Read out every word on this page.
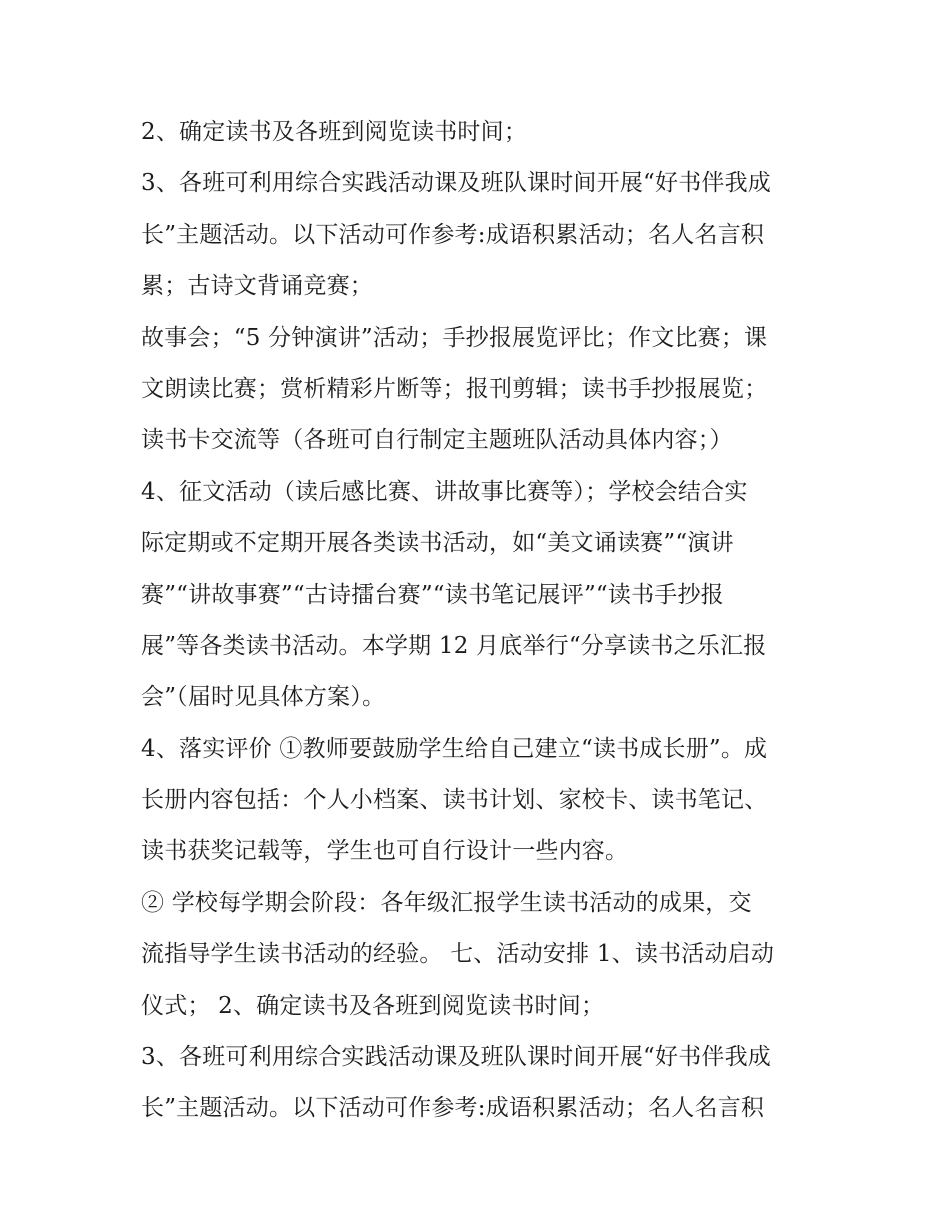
2、确定读书及各班到阅览读书时间；
3、各班可利用综合实践活动课及班队课时间开展“好书伴我成
长”主题活动。以下活动可作参考:成语积累活动；名人名言积
累；古诗文背诵竞赛；
故事会；“5 分钟演讲”活动；手抄报展览评比；作文比赛；课
文朗读比赛；赏析精彩片断等；报刊剪辑；读书手抄报展览；
读书卡交流等（各班可自行制定主题班队活动具体内容；）
4、征文活动（读后感比赛、讲故事比赛等）；学校会结合实
际定期或不定期开展各类读书活动，如“美文诵读赛”“演讲
赛”“讲故事赛”“古诗擂台赛”“读书笔记展评”“读书手抄报
展”等各类读书活动。本学期 12 月底举行“分享读书之乐汇报
会”（届时见具体方案）。
4、落实评价 ①教师要鼓励学生给自己建立“读书成长册”。成
长册内容包括：个人小档案、读书计划、家校卡、读书笔记、
读书获奖记载等，学生也可自行设计一些内容。
② 学校每学期会阶段：各年级汇报学生读书活动的成果，交
流指导学生读书活动的经验。 七、活动安排 1、读书活动启动
仪式； 2、确定读书及各班到阅览读书时间；
3、各班可利用综合实践活动课及班队课时间开展“好书伴我成
长”主题活动。以下活动可作参考:成语积累活动；名人名言积
